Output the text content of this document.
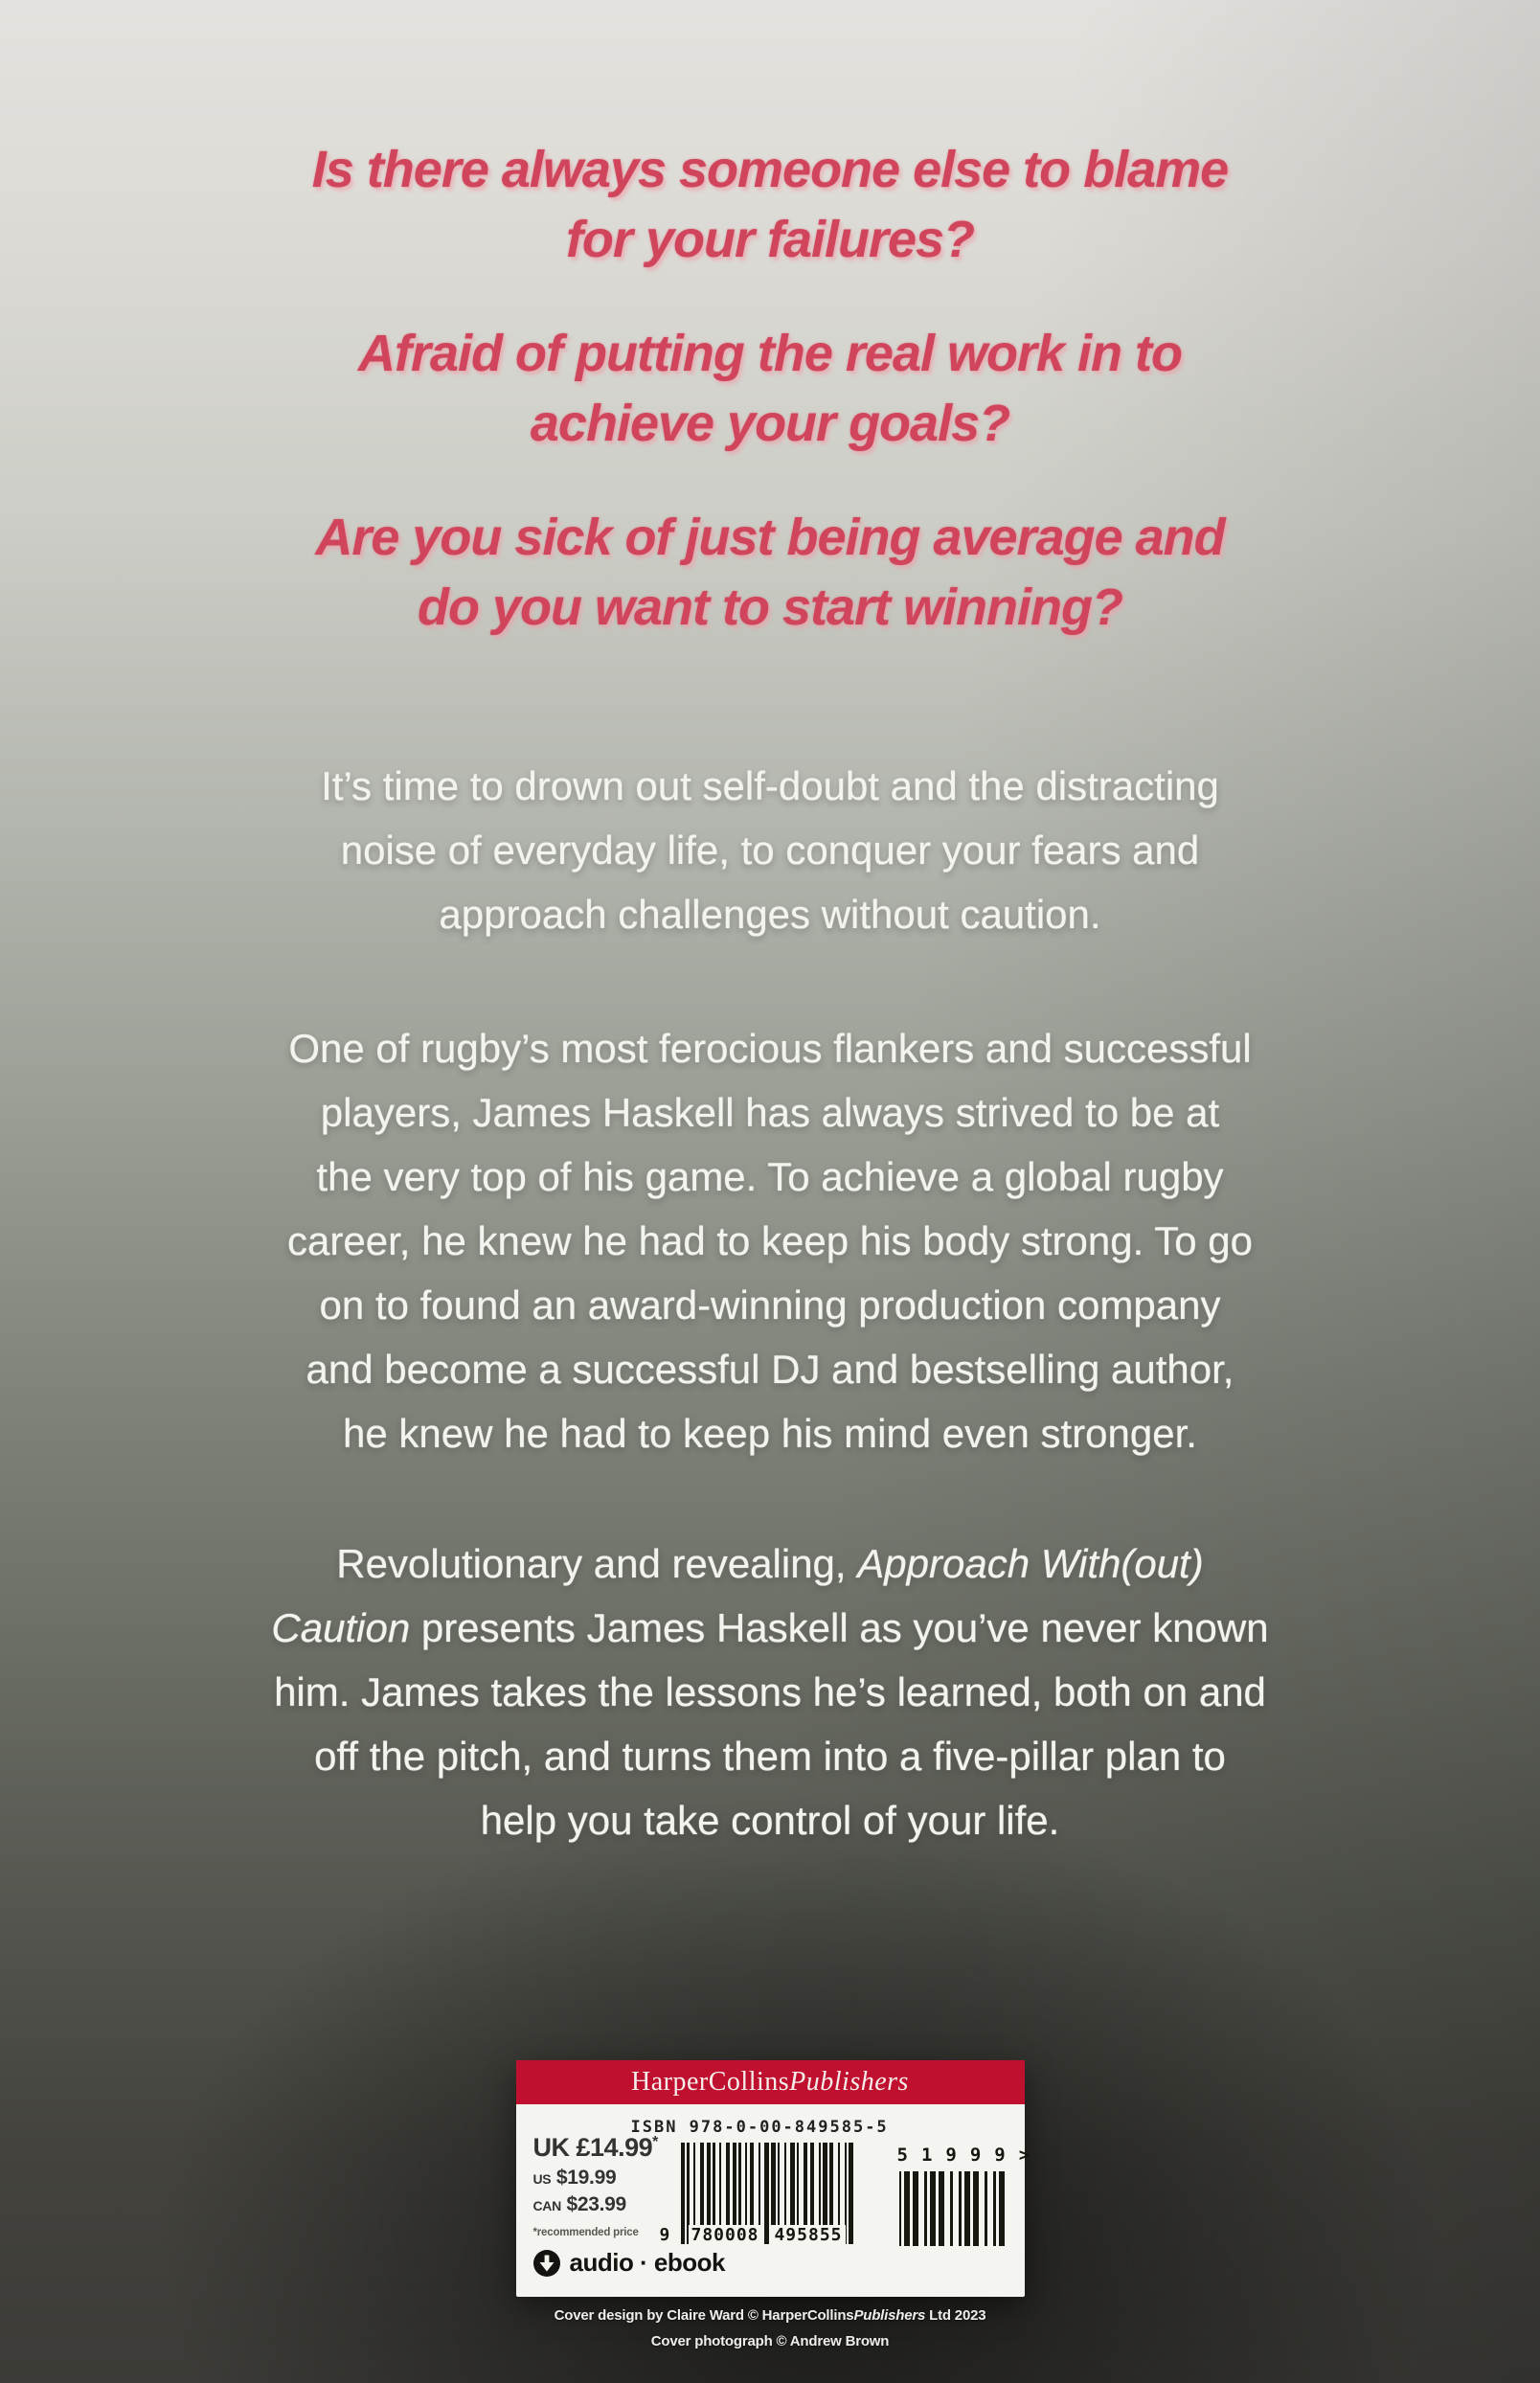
Is there always someone else to blame
for your failures?
Afraid of putting the real work in to
achieve your goals?
Are you sick of just being average and
do you want to start winning?
It’s time to drown out self-doubt and the distracting
noise of everyday life, to conquer your fears and
approach challenges without caution.
One of rugby’s most ferocious flankers and successful
players, James Haskell has always strived to be at
the very top of his game. To achieve a global rugby
career, he knew he had to keep his body strong. To go
on to found an award-winning production company
and become a successful DJ and bestselling author,
he knew he had to keep his mind even stronger.
Revolutionary and revealing, Approach With(out)
Caution presents James Haskell as you’ve never known
him. James takes the lessons he’s learned, both on and
off the pitch, and turns them into a five-pillar plan to
help you take control of your life.
HarperCollins Publishers
ISBN 978-0-00-849585-5
UK £14.99*
US $19.99
CAN $23.99
*recommended price
audio · ebook
9 780008 495855
51999 >
Cover design by Claire Ward © HarperCollinsPublishers Ltd 2023
Cover photograph © Andrew Brown
